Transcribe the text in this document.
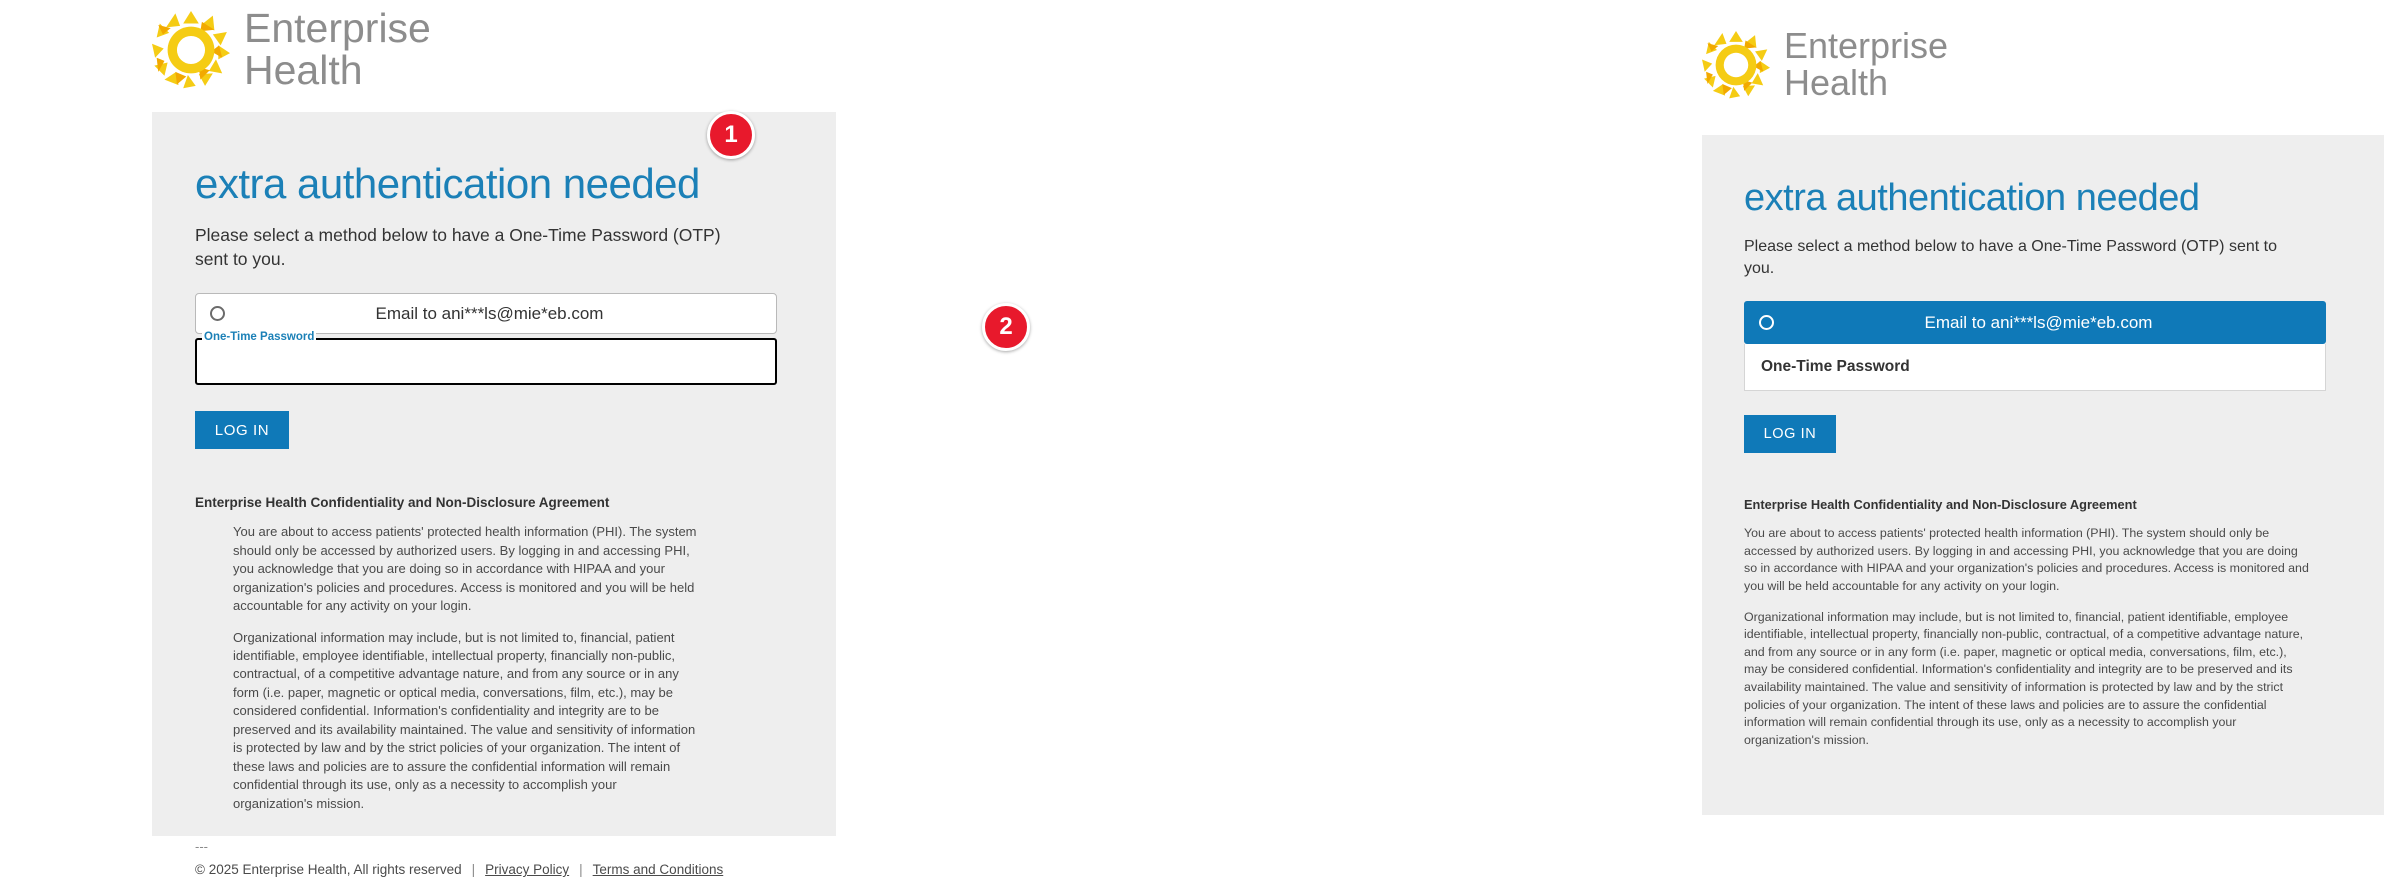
Enterprise
Health
extra authentication needed

Please select a method below to have a One-Time Password (OTP) sent to you.

Email to ani***ls@mie*eb.com
One-Time Password
LOG IN
Enterprise Health Confidentiality and Non-Disclosure Agreement

You are about to access patients' protected health information (PHI). The system should only be accessed by authorized users. By logging in and accessing PHI, you acknowledge that you are doing so in accordance with HIPAA and your organization's policies and procedures. Access is monitored and you will be held accountable for any activity on your login.

Organizational information may include, but is not limited to, financial, patient identifiable, employee identifiable, intellectual property, financially non-public, contractual, of a competitive advantage nature, and from any source or in any form (i.e. paper, magnetic or optical media, conversations, film, etc.), may be considered confidential. Information's confidentiality and integrity are to be preserved and its availability maintained. The value and sensitivity of information is protected by law and by the strict policies of your organization. The intent of these laws and policies are to assure the confidential information will remain confidential through its use, only as a necessity to accomplish your organization's mission.

---
© 2025 Enterprise Health, All rights reserved | Privacy Policy | Terms and Conditions
Enterprise
Health
extra authentication needed

Please select a method below to have a One-Time Password (OTP) sent to you.

Email to ani***ls@mie*eb.com
One-Time Password
LOG IN
Enterprise Health Confidentiality and Non-Disclosure Agreement

You are about to access patients' protected health information (PHI). The system should only be accessed by authorized users. By logging in and accessing PHI, you acknowledge that you are doing so in accordance with HIPAA and your organization's policies and procedures. Access is monitored and you will be held accountable for any activity on your login.

Organizational information may include, but is not limited to, financial, patient identifiable, employee identifiable, intellectual property, financially non-public, contractual, of a competitive advantage nature, and from any source or in any form (i.e. paper, magnetic or optical media, conversations, film, etc.), may be considered confidential. Information's confidentiality and integrity are to be preserved and its availability maintained. The value and sensitivity of information is protected by law and by the strict policies of your organization. The intent of these laws and policies are to assure the confidential information will remain confidential through its use, only as a necessity to accomplish your organization's mission.

1
2
